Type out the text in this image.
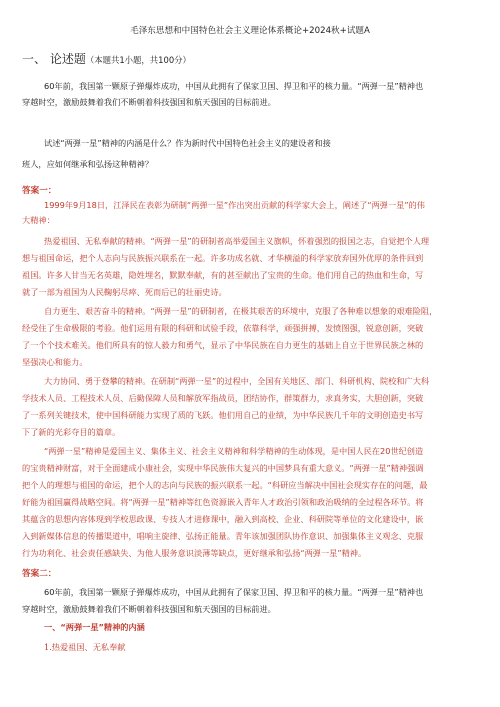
毛泽东思想和中国特色社会主义理论体系概论+2024秋+试题A
一、 论述题（本题共1小题，共100分）
60年前，我国第一颗原子弹爆炸成功，中国从此拥有了保家卫国、捍卫和平的核力量。“两弹一星”精神也
穿越时空，激励鼓舞着我们不断朝着科技强国和航天强国的目标前进。
试述“两弹一星”精神的内涵是什么？作为新时代中国特色社会主义的建设者和接
班人，应如何继承和弘扬这种精神？
答案一：
1999年9月18日，江泽民在表彰为研制“两弹一星”作出突出贡献的科学家大会上，阐述了“两弹一星”的伟
大精神：
热爱祖国、无私奉献的精神。“两弹一星”的研制者高举爱国主义旗帜，怀着强烈的报国之志，自觉把个人理
想与祖国命运，把个人志向与民族振兴联系在一起。许多功成名就、才华横溢的科学家放弃国外优厚的条件回到
祖国。许多人甘当无名英雄，隐姓埋名，默默奉献，有的甚至献出了宝贵的生命。他们用自己的热血和生命，写
就了一部为祖国为人民鞠躬尽瘁、死而后已的壮丽史诗。
自力更生、艰苦奋斗的精神。“两弹一星”的研制者，在极其艰苦的环境中，克服了各种难以想象的艰难险阻，
经受住了生命极限的考验。他们运用有限的科研和试验手段，依靠科学，顽强拼搏，发愤图强，锐意创新，突破
了一个个技术难关。他们所具有的惊人毅力和勇气，显示了中华民族在自力更生的基础上自立于世界民族之林的
坚强决心和能力。
大力协同、勇于登攀的精神。在研制“两弹一星”的过程中，全国有关地区、部门、科研机构、院校和广大科
学技术人员、工程技术人员、后勤保障人员和解放军指战员，团结协作，群策群力，求真务实，大胆创新，突破
了一系列关键技术，使中国科研能力实现了质的飞跃。他们用自己的业绩，为中华民族几千年的文明创造史书写
下了新的光彩夺目的篇章。
“两弹一星”精神是爱国主义、集体主义、社会主义精神和科学精神的生动体现，是中国人民在20世纪创造
的宝贵精神财富，对于全面建成小康社会，实现中华民族伟大复兴的中国梦具有重大意义。“两弹一星”精神强调
把个人的理想与祖国的命运，把个人的志向与民族的振兴联系一起。“科研应当解决中国社会现实存在的问题，最
好能为祖国赢得战略空间。将“两弹一星”精神等红色资源嵌入青年人才政治引领和政治吸纳的全过程各环节。将
其蕴含的思想内容体现到学校思政课、专技人才进修课中，融入到高校、企业、科研院等单位的文化建设中，嵌
入到新媒体信息的传播渠道中，唱响主旋律、弘扬正能量。青年该加强团队协作意识、加强集体主义观念、克服
行为功利化、社会责任感缺失、为他人服务意识淡薄等缺点，更好继承和弘扬“两弹一星”精神。
答案二：
60年前，我国第一颗原子弹爆炸成功，中国从此拥有了保家卫国、捍卫和平的核力量。“两弹一星”精神也
穿越时空，激励鼓舞着我们不断朝着科技强国和航天强国的目标前进。
一、“两弹一星”精神的内涵
1.热爱祖国、无私奉献
